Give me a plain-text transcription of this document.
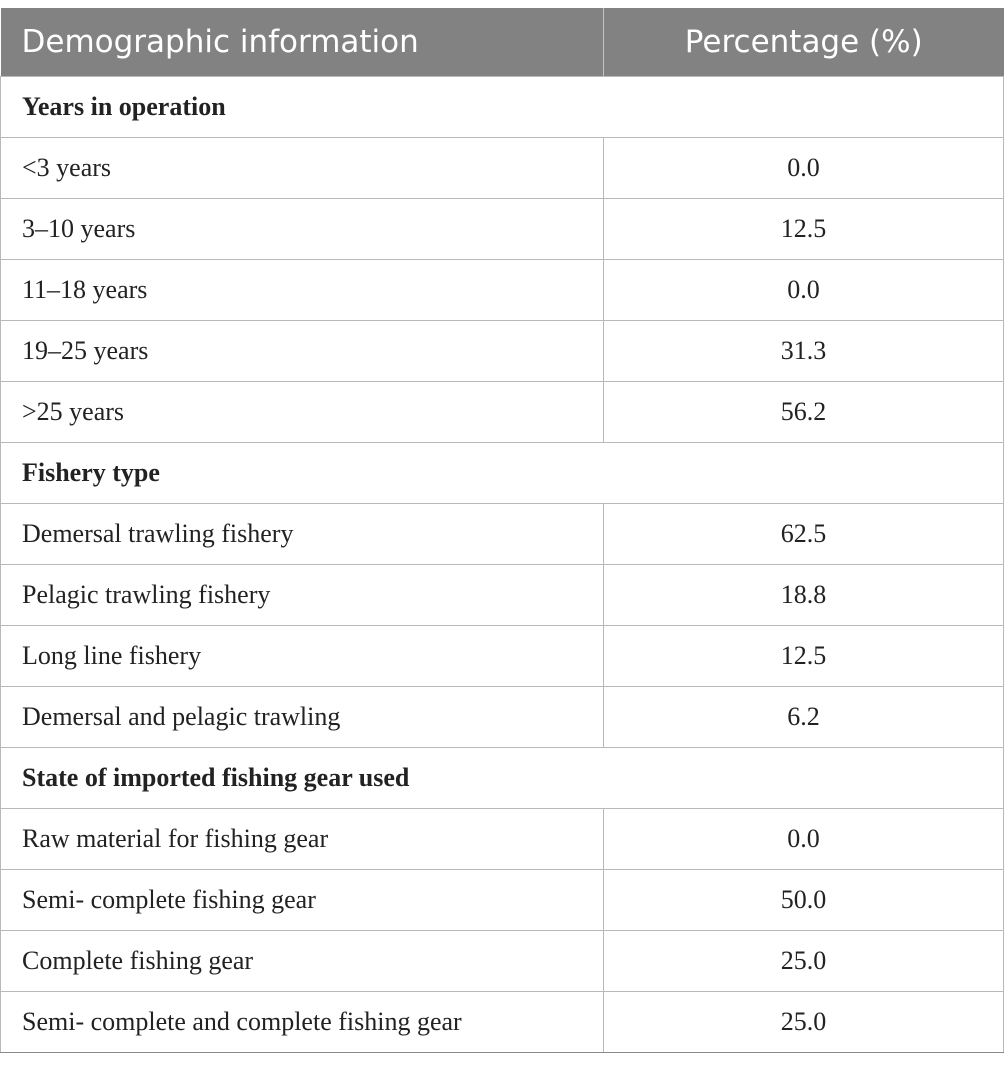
Demographic information	Percentage (%)
Years in operation	
<3 years	0.0
3–10 years	12.5
11–18 years	0.0
19–25 years	31.3
>25 years	56.2
Fishery type	
Demersal trawling fishery	62.5
Pelagic trawling fishery	18.8
Long line fishery	12.5
Demersal and pelagic trawling	6.2
State of imported fishing gear used	
Raw material for fishing gear	0.0
Semi- complete fishing gear	50.0
Complete fishing gear	25.0
Semi- complete and complete fishing gear	25.0
